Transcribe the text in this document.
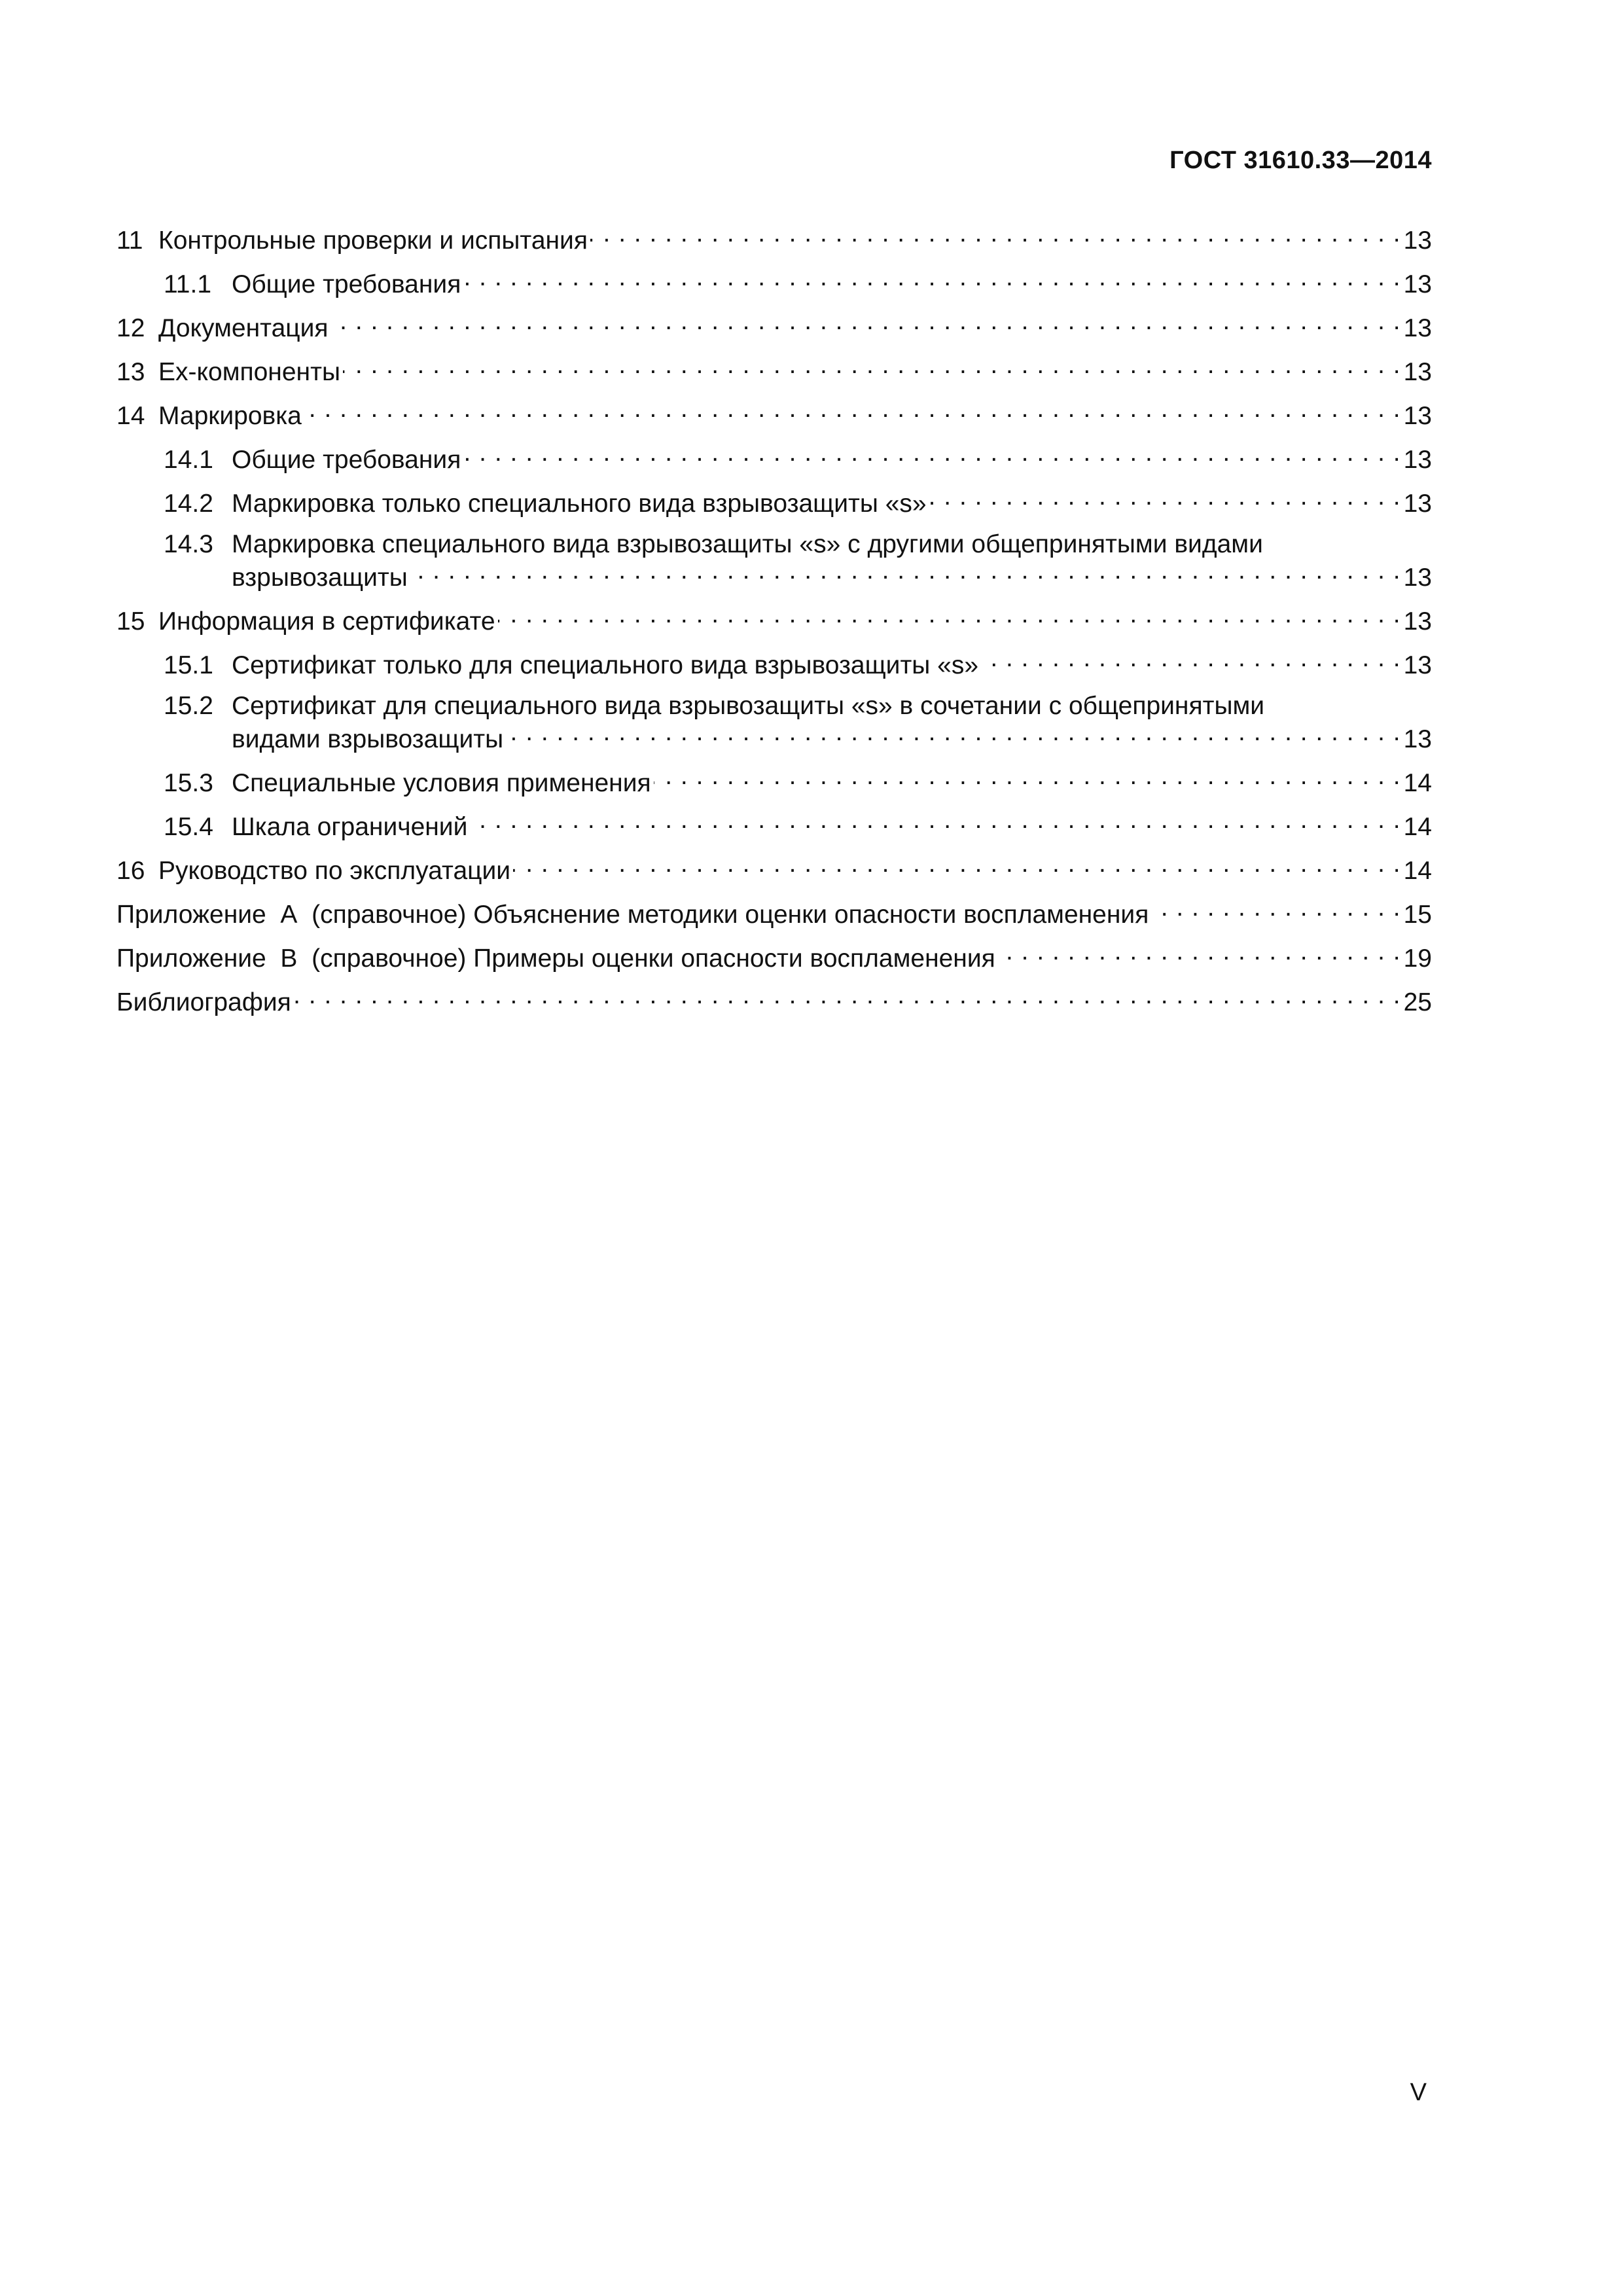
ГОСТ 31610.33—2014
11 Контрольные проверки и испытания . . .	13
11.1 Общие требования . . .	13
12 Документация . . .	13
13 Ех-компоненты . . .	13
14 Маркировка . . .	13
14.1 Общие требования . . .	13
14.2 Маркировка только специального вида взрывозащиты «s» . . .	13
14.3 Маркировка специального вида взрывозащиты «s» с другими общепринятыми видами
взрывозащиты . . .	13
15 Информация в сертификате . . .	13
15.1 Сертификат только для специального вида взрывозащиты «s» . . .	13
15.2 Сертификат для специального вида взрывозащиты «s» в сочетании с общепринятыми
видами взрывозащиты . . .	13
15.3 Специальные условия применения . . .	14
15.4 Шкала ограничений . . .	14
16 Руководство по эксплуатации . . .	14
Приложение  А  (справочное) Объяснение методики оценки опасности воспламенения . . .	15
Приложение  В  (справочное) Примеры оценки опасности воспламенения . . .	19
Библиография . . .	25
V
